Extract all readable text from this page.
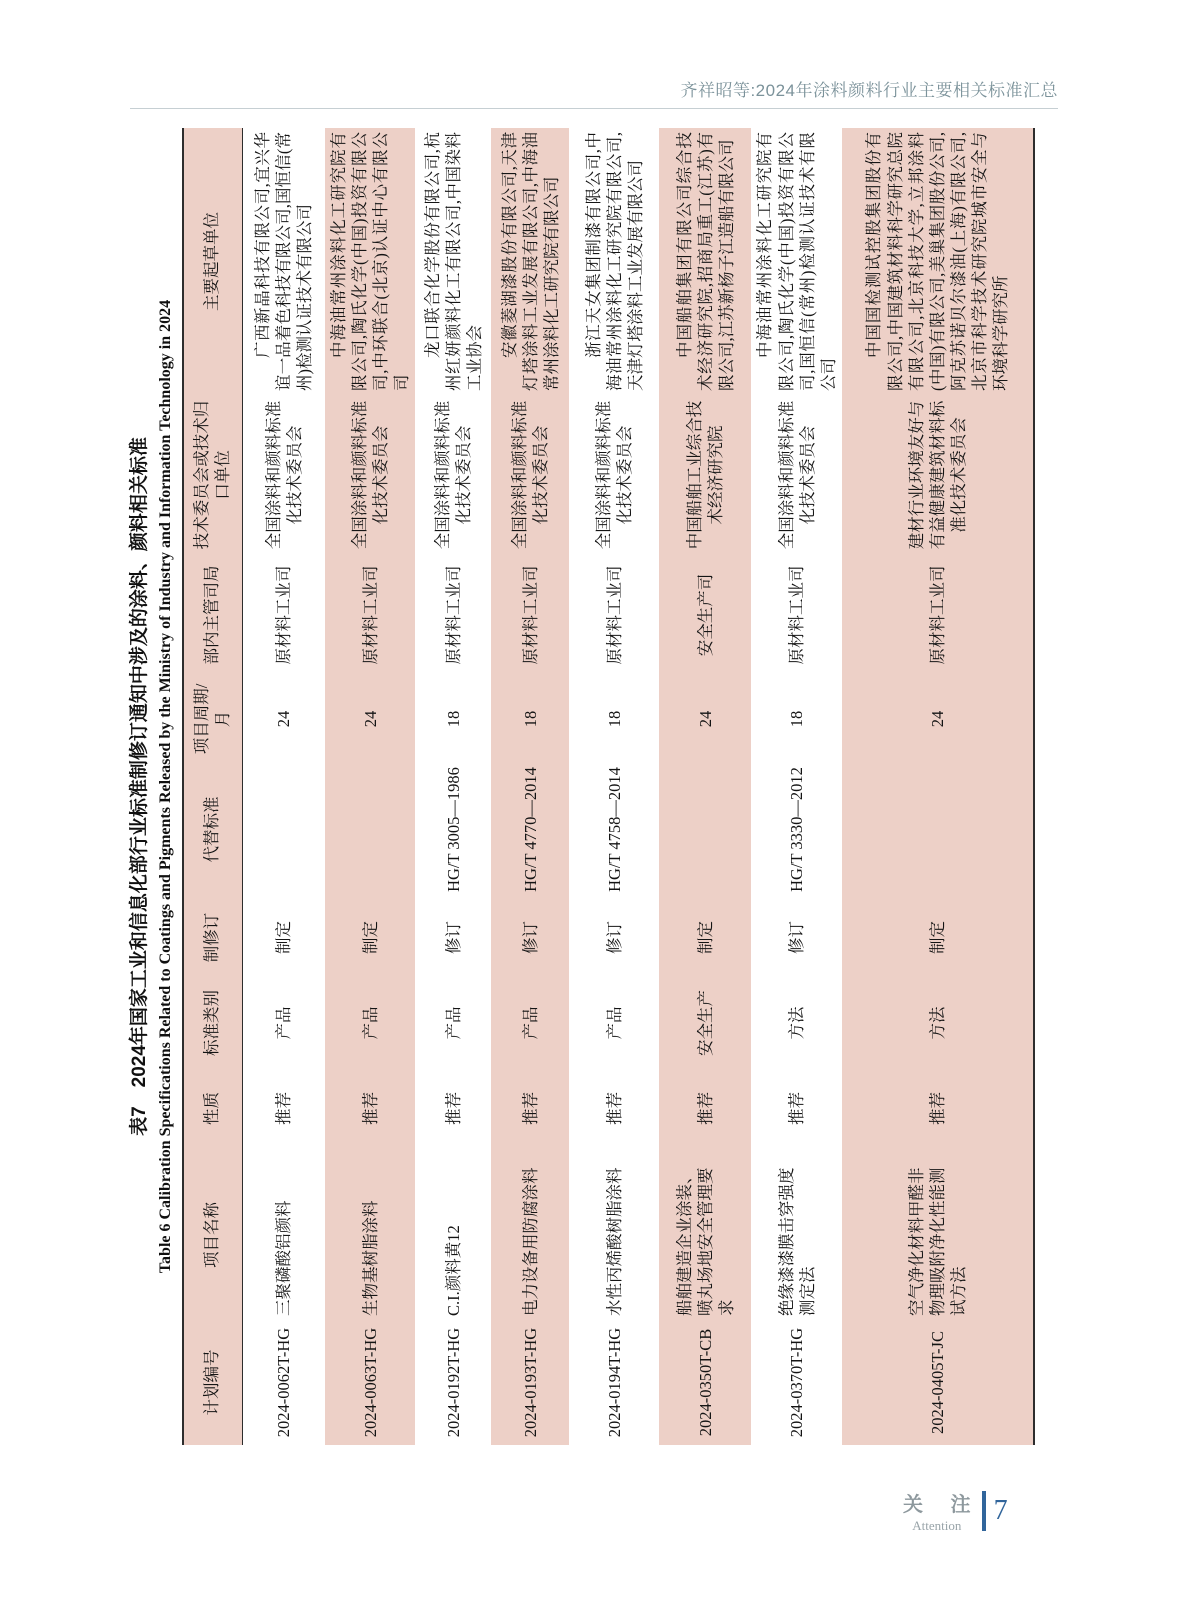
齐祥昭等:2024年涂料颜料行业主要相关标准汇总
表7　2024年国家工业和信息化部行业标准制修订通知中涉及的涂料、颜料相关标准 Table 6 Calibration Specifications Related to Coatings and Pigments Released by the Ministry of Industry and Information Technology in 2024
计划编号	项目名称	性质	标准类别	制修订	代替标准	项目周期/月	部内主管司局	技术委员会或技术归口单位	主要起草单位
2024-0062T-HG	三聚磷酸铝颜料	推荐	产品	制定		24	原材料工业司	全国涂料和颜料标准化技术委员会	广西新晶科技有限公司,宜兴华谊一品着色科技有限公司,国恒信(常州)检测认证技术有限公司
2024-0063T-HG	生物基树脂涂料	推荐	产品	制定		24	原材料工业司	全国涂料和颜料标准化技术委员会	中海油常州涂料化工研究院有限公司,陶氏化学(中国)投资有限公司,中环联合(北京)认证中心有限公司
2024-0192T-HG	C.I.颜料黄12	推荐	产品	修订	HG/T 3005—1986	18	原材料工业司	全国涂料和颜料标准化技术委员会	龙口联合化学股份有限公司,杭州红妍颜料化工有限公司,中国染料工业协会
2024-0193T-HG	电力设备用防腐涂料	推荐	产品	修订	HG/T 4770—2014	18	原材料工业司	全国涂料和颜料标准化技术委员会	安徽菱湖漆股份有限公司,天津灯塔涂料工业发展有限公司,中海油常州涂料化工研究院有限公司
2024-0194T-HG	水性丙烯酸树脂涂料	推荐	产品	修订	HG/T 4758—2014	18	原材料工业司	全国涂料和颜料标准化技术委员会	浙江天女集团制漆有限公司,中海油常州涂料化工研究院有限公司,天津灯塔涂料工业发展有限公司
2024-0350T-CB	船舶建造企业涂装、喷丸场地安全管理要求	推荐	安全生产	制定		24	安全生产司	中国船舶工业综合技术经济研究院	中国船舶集团有限公司综合技术经济研究院,招商局重工(江苏)有限公司,江苏新杨子江造船有限公司
2024-0370T-HG	绝缘漆漆膜击穿强度测定法	推荐	方法	修订	HG/T 3330—2012	18	原材料工业司	全国涂料和颜料标准化技术委员会	中海油常州涂料化工研究院有限公司,陶氏化学(中国)投资有限公司,国恒信(常州)检测认证技术有限公司
2024-0405T-JC	空气净化材料甲醛非物理吸附净化性能测试方法	推荐	方法	制定		24	原材料工业司	建材行业环境友好与有益健康建筑材料标准化技术委员会	中国国检测试控股集团股份有限公司,中国建筑材料科学研究总院有限公司,北京科技大学,立邦涂料(中国)有限公司,美巢集团股份公司,阿克苏诺贝尔漆油(上海)有限公司,北京市科学技术研究院城市安全与环境科学研究所
关 注
Attention 7
